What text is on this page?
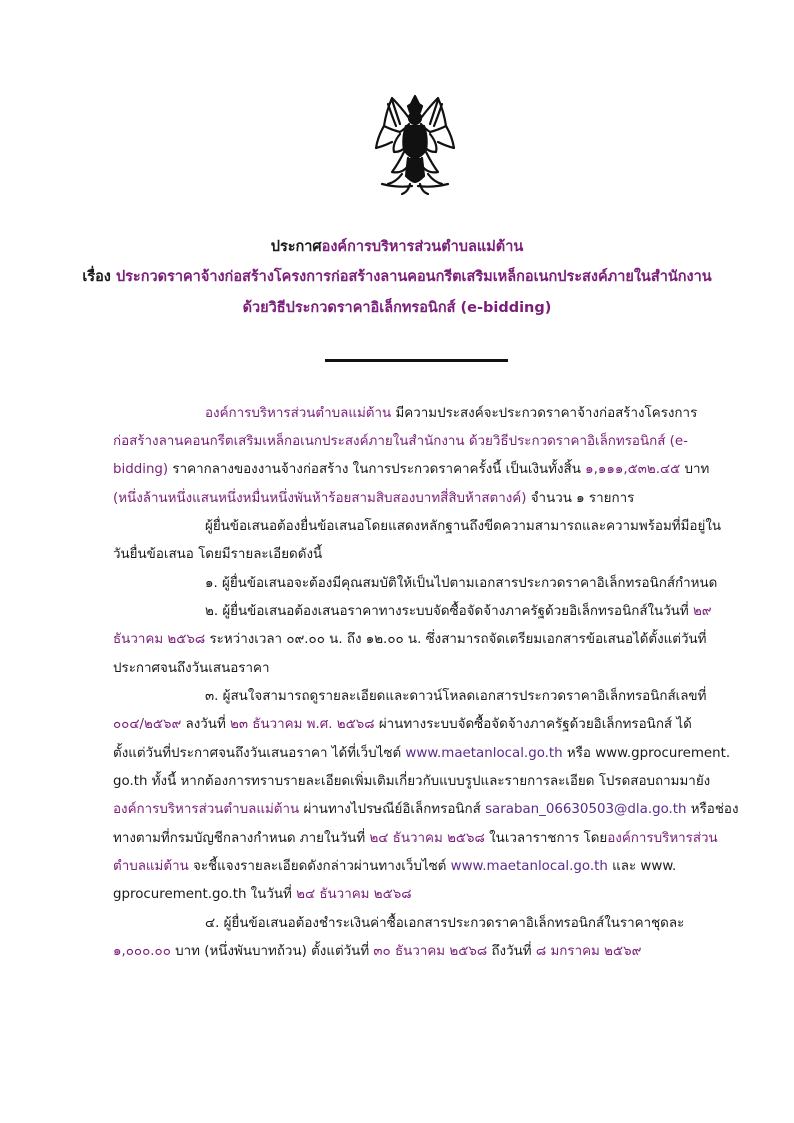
ประกาศองค์การบริหารส่วนตำบลแม่ต้าน
เรื่อง ประกวดราคาจ้างก่อสร้างโครงการก่อสร้างลานคอนกรีตเสริมเหล็กอเนกประสงค์ภายในสำนักงาน
ด้วยวิธีประกวดราคาอิเล็กทรอนิกส์ (e-bidding)
องค์การบริหารส่วนตำบลแม่ต้าน มีความประสงค์จะประกวดราคาจ้างก่อสร้างโครงการ
ก่อสร้างลานคอนกรีตเสริมเหล็กอเนกประสงค์ภายในสำนักงาน ด้วยวิธีประกวดราคาอิเล็กทรอนิกส์ (e-
bidding) ราคากลางของงานจ้างก่อสร้าง ในการประกวดราคาครั้งนี้ เป็นเงินทั้งสิ้น ๑,๑๑๑,๕๓๒.๔๕ บาท
(หนึ่งล้านหนึ่งแสนหนึ่งหมื่นหนึ่งพันห้าร้อยสามสิบสองบาทสี่สิบห้าสตางค์) จำนวน ๑ รายการ
ผู้ยื่นข้อเสนอต้องยื่นข้อเสนอโดยแสดงหลักฐานถึงขีดความสามารถและความพร้อมที่มีอยู่ใน
วันยื่นข้อเสนอ โดยมีรายละเอียดดังนี้
๑. ผู้ยื่นข้อเสนอจะต้องมีคุณสมบัติให้เป็นไปตามเอกสารประกวดราคาอิเล็กทรอนิกส์กำหนด
๒. ผู้ยื่นข้อเสนอต้องเสนอราคาทางระบบจัดซื้อจัดจ้างภาครัฐด้วยอิเล็กทรอนิกส์ในวันที่ ๒๙
ธันวาคม ๒๕๖๘ ระหว่างเวลา ๐๙.๐๐ น. ถึง ๑๒.๐๐ น. ซึ่งสามารถจัดเตรียมเอกสารข้อเสนอได้ตั้งแต่วันที่
ประกาศจนถึงวันเสนอราคา
๓. ผู้สนใจสามารถดูรายละเอียดและดาวน์โหลดเอกสารประกวดราคาอิเล็กทรอนิกส์เลขที่
๐๐๔/๒๕๖๙ ลงวันที่ ๒๓ ธันวาคม พ.ศ. ๒๕๖๘ ผ่านทางระบบจัดซื้อจัดจ้างภาครัฐด้วยอิเล็กทรอนิกส์ ได้
ตั้งแต่วันที่ประกาศจนถึงวันเสนอราคา ได้ที่เว็บไซต์ www.maetanlocal.go.th หรือ www.gprocurement.
go.th ทั้งนี้ หากต้องการทราบรายละเอียดเพิ่มเติมเกี่ยวกับแบบรูปและรายการละเอียด โปรดสอบถามมายัง
องค์การบริหารส่วนตำบลแม่ต้าน ผ่านทางไปรษณีย์อิเล็กทรอนิกส์ saraban_06630503@dla.go.th หรือช่อง
ทางตามที่กรมบัญชีกลางกำหนด ภายในวันที่ ๒๔ ธันวาคม ๒๕๖๘ ในเวลาราชการ โดยองค์การบริหารส่วน
ตำบลแม่ต้าน จะชี้แจงรายละเอียดดังกล่าวผ่านทางเว็บไซต์ www.maetanlocal.go.th และ www.
gprocurement.go.th ในวันที่ ๒๔ ธันวาคม ๒๕๖๘
๔. ผู้ยื่นข้อเสนอต้องชำระเงินค่าซื้อเอกสารประกวดราคาอิเล็กทรอนิกส์ในราคาชุดละ
๑,๐๐๐.๐๐ บาท (หนึ่งพันบาทถ้วน) ตั้งแต่วันที่ ๓๐ ธันวาคม ๒๕๖๘ ถึงวันที่ ๘ มกราคม ๒๕๖๙
